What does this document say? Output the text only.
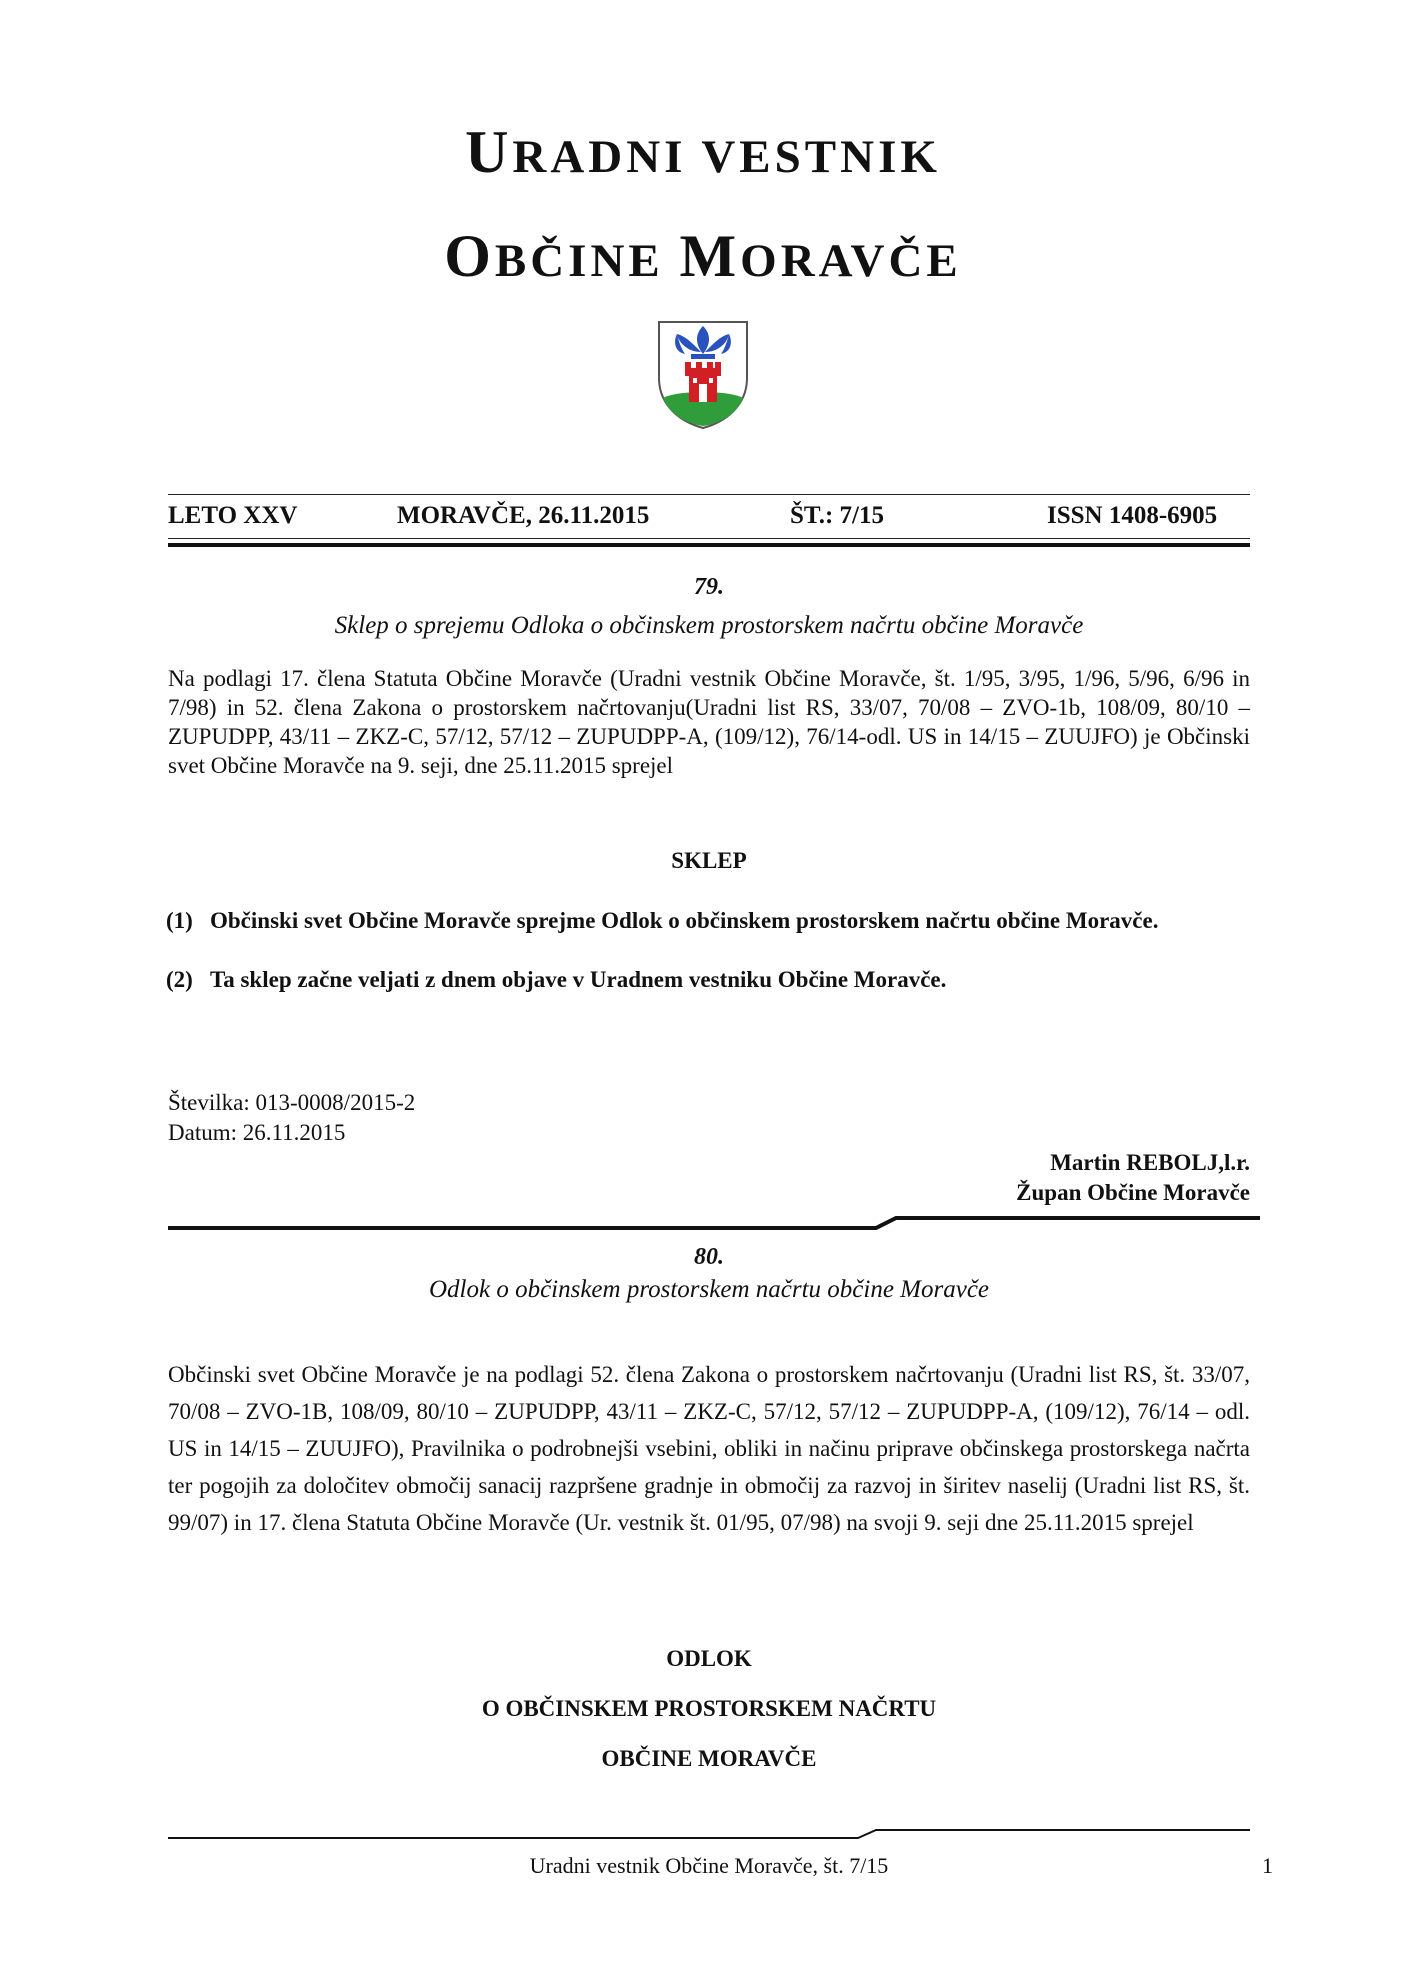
URADNI VESTNIK
OBČINE MORAVČE
LETO XXV	MORAVČE, 26.11.2015	ŠT.: 7/15	ISSN 1408-6905
79.
Sklep o sprejemu Odloka o občinskem prostorskem načrtu občine Moravče
Na podlagi 17. člena Statuta Občine Moravče (Uradni vestnik Občine Moravče, št. 1/95, 3/95, 1/96, 5/96, 6/96 in 7/98) in 52. člena Zakona o prostorskem načrtovanju(Uradni list RS, 33/07, 70/08 – ZVO-1b, 108/09, 80/10 – ZUPUDPP, 43/11 – ZKZ-C, 57/12, 57/12 – ZUPUDPP-A, (109/12), 76/14-odl. US in 14/15 – ZUUJFO) je Občinski svet Občine Moravče na 9. seji, dne 25.11.2015 sprejel
SKLEP
(1) Občinski svet Občine Moravče sprejme Odlok o občinskem prostorskem načrtu občine Moravče.
(2) Ta sklep začne veljati z dnem objave v Uradnem vestniku Občine Moravče.
Številka: 013-0008/2015-2
Datum: 26.11.2015
Martin REBOLJ,l.r.
Župan Občine Moravče
80.
Odlok o občinskem prostorskem načrtu občine Moravče
Občinski svet Občine Moravče je na podlagi 52. člena Zakona o prostorskem načrtovanju (Uradni list RS, št. 33/07, 70/08 – ZVO-1B, 108/09, 80/10 – ZUPUDPP, 43/11 – ZKZ-C, 57/12, 57/12 – ZUPUDPP-A, (109/12), 76/14 – odl. US in 14/15 – ZUUJFO), Pravilnika o podrobnejši vsebini, obliki in načinu priprave občinskega prostorskega načrta ter pogojih za določitev območij sanacij razpršene gradnje in območij za razvoj in širitev naselij (Uradni list RS, št. 99/07) in 17. člena Statuta Občine Moravče (Ur. vestnik št. 01/95, 07/98) na svoji 9. seji dne 25.11.2015 sprejel
ODLOK
O OBČINSKEM PROSTORSKEM NAČRTU
OBČINE MORAVČE
Uradni vestnik Občine Moravče, št. 7/15	1
